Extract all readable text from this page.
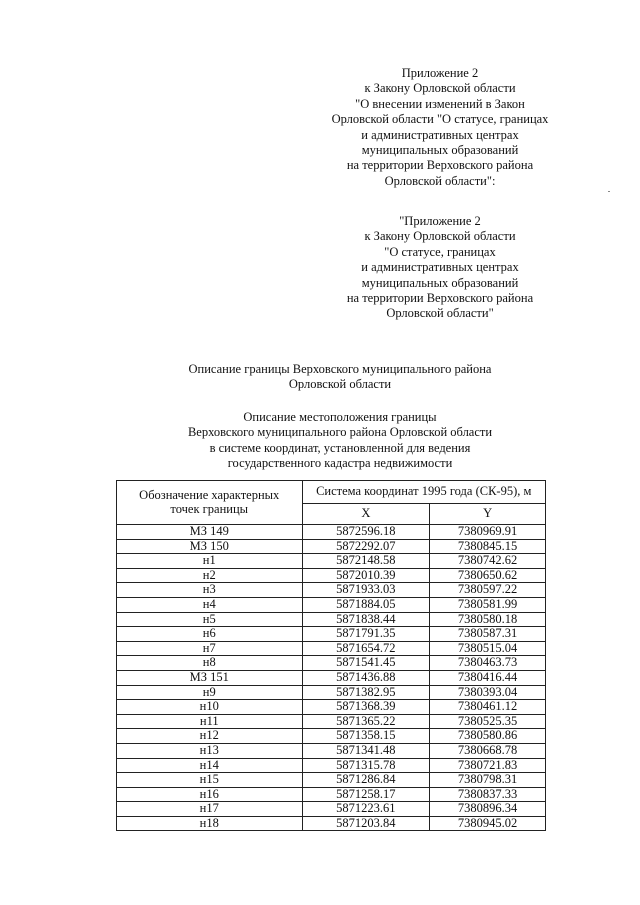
Приложение 2
к Закону Орловской области
"О внесении изменений в Закон
Орловской области "О статусе, границах
и административных центрах
муниципальных образований
на территории Верховского района
Орловской области":
"Приложение 2
к Закону Орловской области
"О статусе, границах
и административных центрах
муниципальных образований
на территории Верховского района
Орловской области"
Описание границы Верховского муниципального района
Орловской области
Описание местоположения границы
Верховского муниципального района Орловской области
в системе координат, установленной для ведения
государственного кадастра недвижимости
Обозначение характерных
точек границы	Система координат 1995 года (СК-95), м	
	X	Y
МЗ 149	5872596.18	7380969.91
МЗ 150	5872292.07	7380845.15
н1	5872148.58	7380742.62
н2	5872010.39	7380650.62
н3	5871933.03	7380597.22
н4	5871884.05	7380581.99
н5	5871838.44	7380580.18
н6	5871791.35	7380587.31
н7	5871654.72	7380515.04
н8	5871541.45	7380463.73
МЗ 151	5871436.88	7380416.44
н9	5871382.95	7380393.04
н10	5871368.39	7380461.12
н11	5871365.22	7380525.35
н12	5871358.15	7380580.86
н13	5871341.48	7380668.78
н14	5871315.78	7380721.83
н15	5871286.84	7380798.31
н16	5871258.17	7380837.33
н17	5871223.61	7380896.34
н18	5871203.84	7380945.02
